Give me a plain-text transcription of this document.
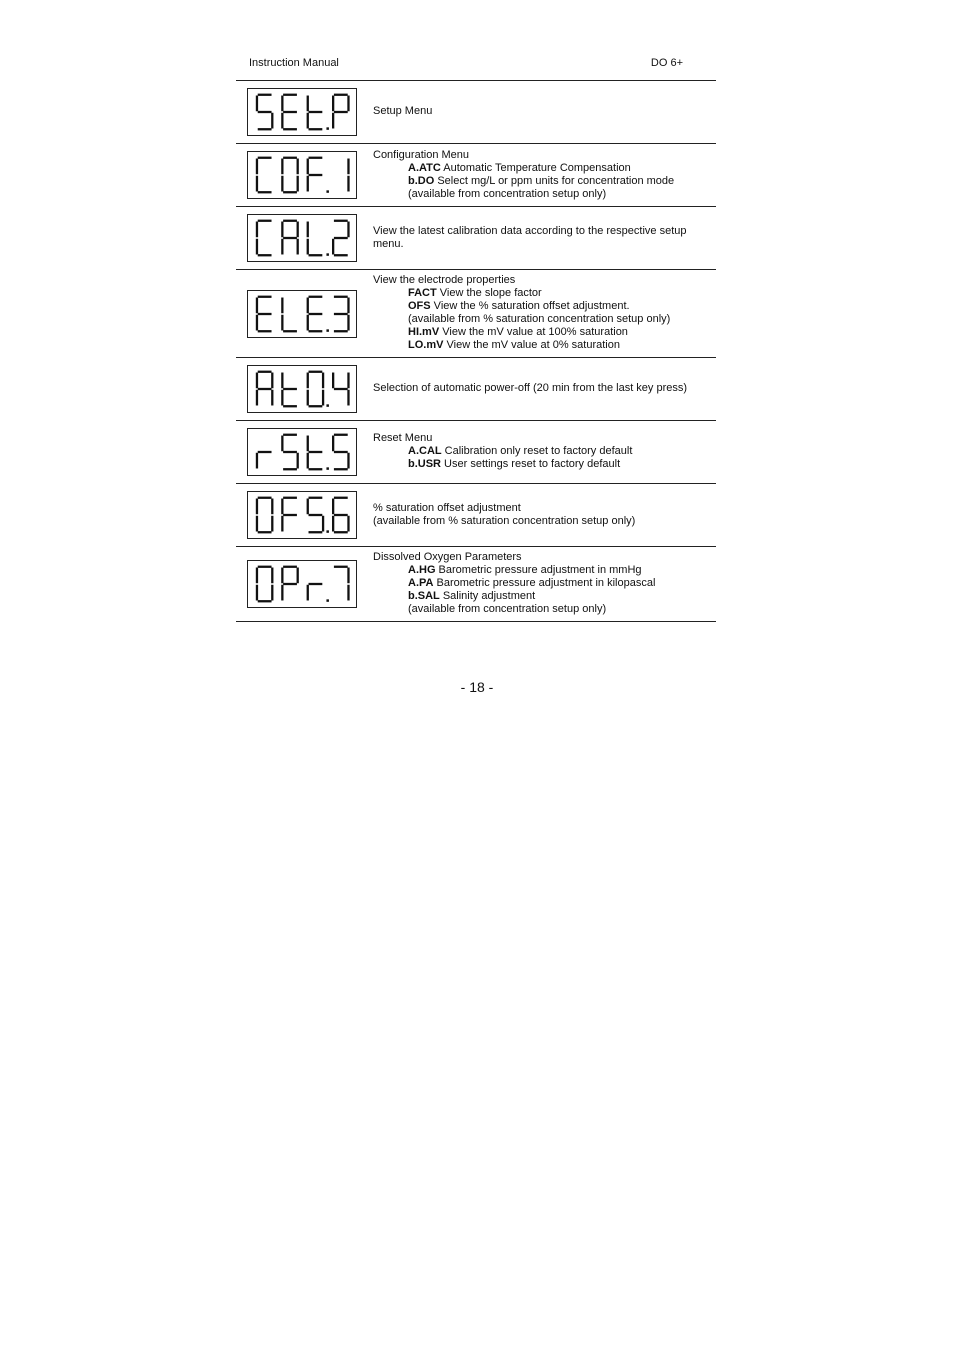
Instruction Manual	DO 6+
Setup Menu
Configuration Menu
A.ATC Automatic Temperature Compensation
b.DO Select mg/L or ppm units for concentration mode
(available from concentration setup only)
View the latest calibration data according to the respective setup menu.
View the electrode properties
FACT View the slope factor
OFS View the % saturation offset adjustment.
(available from % saturation concentration setup only)
HI.mV View the mV value at 100% saturation
LO.mV View the mV value at 0% saturation
Selection of automatic power-off (20 min from the last key press)
Reset Menu
A.CAL Calibration only reset to factory default
b.USR User settings reset to factory default
% saturation offset adjustment
(available from % saturation concentration setup only)
Dissolved Oxygen Parameters
A.HG Barometric pressure adjustment in mmHg
A.PA Barometric pressure adjustment in kilopascal
b.SAL Salinity adjustment
(available from concentration setup only)
- 18 -
